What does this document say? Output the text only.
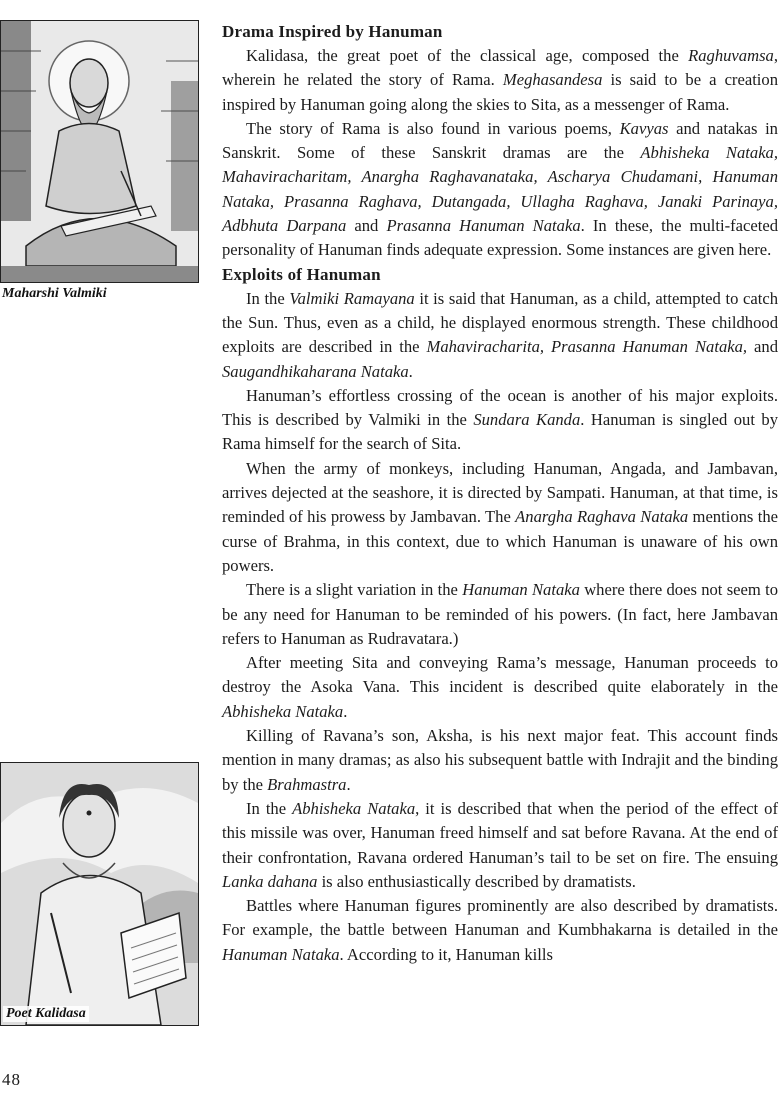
Maharshi Valmiki
Poet Kalidasa
Drama Inspired by Hanuman

Kalidasa, the great poet of the classical age, composed the Raghuvamsa, wherein he related the story of Rama. Meghasandesa is said to be a creation inspired by Hanuman going along the skies to Sita, as a messenger of Rama.

The story of Rama is also found in various poems, Kavyas and natakas in Sanskrit. Some of these Sanskrit dramas are the Abhisheka Nataka, Mahaviracharitam, Anargha Raghavanataka, Ascharya Chudamani, Hanuman Nataka, Prasanna Raghava, Dutangada, Ullagha Raghava, Janaki Parinaya, Adbhuta Darpana and Prasanna Hanuman Nataka. In these, the multi-faceted personality of Hanuman finds adequate expression. Some instances are given here.

Exploits of Hanuman

In the Valmiki Ramayana it is said that Hanuman, as a child, attempted to catch the Sun. Thus, even as a child, he displayed enormous strength. These childhood exploits are described in the Mahaviracharita, Prasanna Hanuman Nataka, and Saugandhikaharana Nataka.

Hanuman’s effortless crossing of the ocean is another of his major exploits. This is described by Valmiki in the Sundara Kanda. Hanuman is singled out by Rama himself for the search of Sita.

When the army of monkeys, including Hanuman, Angada, and Jambavan, arrives dejected at the seashore, it is directed by Sampati. Hanuman, at that time, is reminded of his prowess by Jambavan. The Anargha Raghava Nataka mentions the curse of Brahma, in this context, due to which Hanuman is unaware of his own powers.

There is a slight variation in the Hanuman Nataka where there does not seem to be any need for Hanuman to be reminded of his powers. (In fact, here Jambavan refers to Hanuman as Rudravatara.)

After meeting Sita and conveying Rama’s message, Hanuman proceeds to destroy the Asoka Vana. This incident is described quite elaborately in the Abhisheka Nataka.

Killing of Ravana’s son, Aksha, is his next major feat. This account finds mention in many dramas; as also his subsequent battle with Indrajit and the binding by the Brahmastra.

In the Abhisheka Nataka, it is described that when the period of the effect of this missile was over, Hanuman freed himself and sat before Ravana. At the end of their confrontation, Ravana ordered Hanuman’s tail to be set on fire. The ensuing Lanka dahana is also enthusiastically described by dramatists.

Battles where Hanuman figures prominently are also described by dramatists. For example, the battle between Hanuman and Kumbhakarna is detailed in the Hanuman Nataka. According to it, Hanuman kills

48
